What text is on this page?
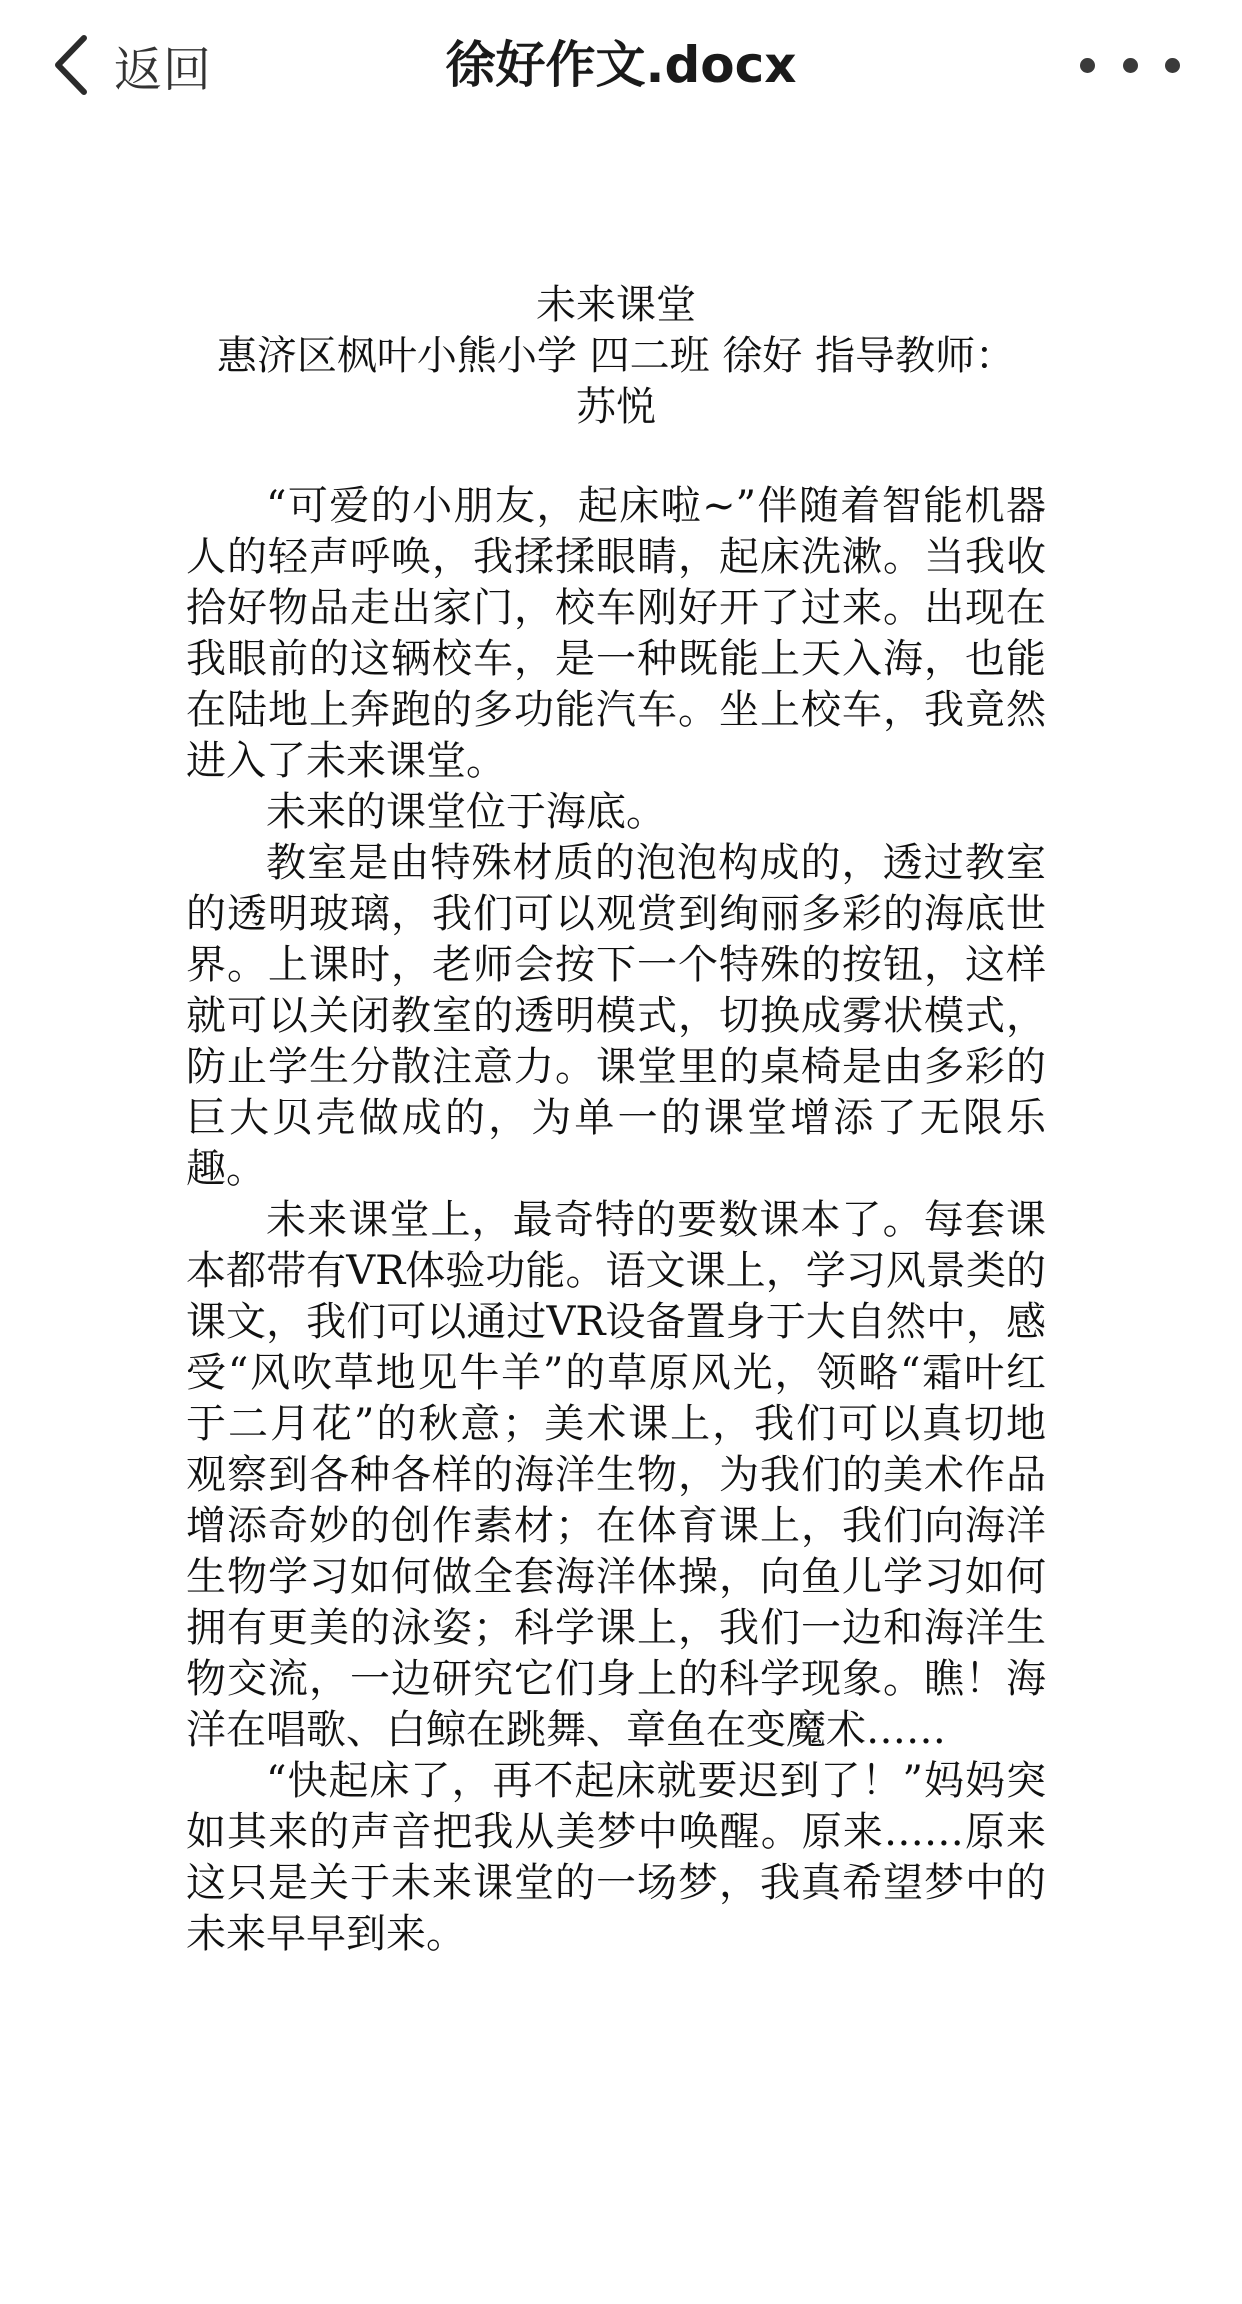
返回	徐好作文.docx

未来课堂

惠济区枫叶小熊小学 四二班 徐好 指导教师：苏悦

“可爱的小朋友，起床啦~”伴随着智能机器人的轻声呼唤，我揉揉眼睛，起床洗漱。当我收拾好物品走出家门，校车刚好开了过来。出现在我眼前的这辆校车，是一种既能上天入海，也能在陆地上奔跑的多功能汽车。坐上校车，我竟然进入了未来课堂。

未来的课堂位于海底。

教室是由特殊材质的泡泡构成的，透过教室的透明玻璃，我们可以观赏到绚丽多彩的海底世界。上课时，老师会按下一个特殊的按钮，这样就可以关闭教室的透明模式，切换成雾状模式，防止学生分散注意力。课堂里的桌椅是由多彩的巨大贝壳做成的，为单一的课堂增添了无限乐趣。

未来课堂上，最奇特的要数课本了。每套课本都带有VR体验功能。语文课上，学习风景类的课文，我们可以通过VR设备置身于大自然中，感受“风吹草地见牛羊”的草原风光，领略“霜叶红于二月花”的秋意；美术课上，我们可以真切地观察到各种各样的海洋生物，为我们的美术作品增添奇妙的创作素材；在体育课上，我们向海洋生物学习如何做全套海洋体操，向鱼儿学习如何拥有更美的泳姿；科学课上，我们一边和海洋生物交流，一边研究它们身上的科学现象。瞧！海洋在唱歌、白鲸在跳舞、章鱼在变魔术……

“快起床了，再不起床就要迟到了！”妈妈突如其来的声音把我从美梦中唤醒。原来……原来这只是关于未来课堂的一场梦，我真希望梦中的未来早早到来。
